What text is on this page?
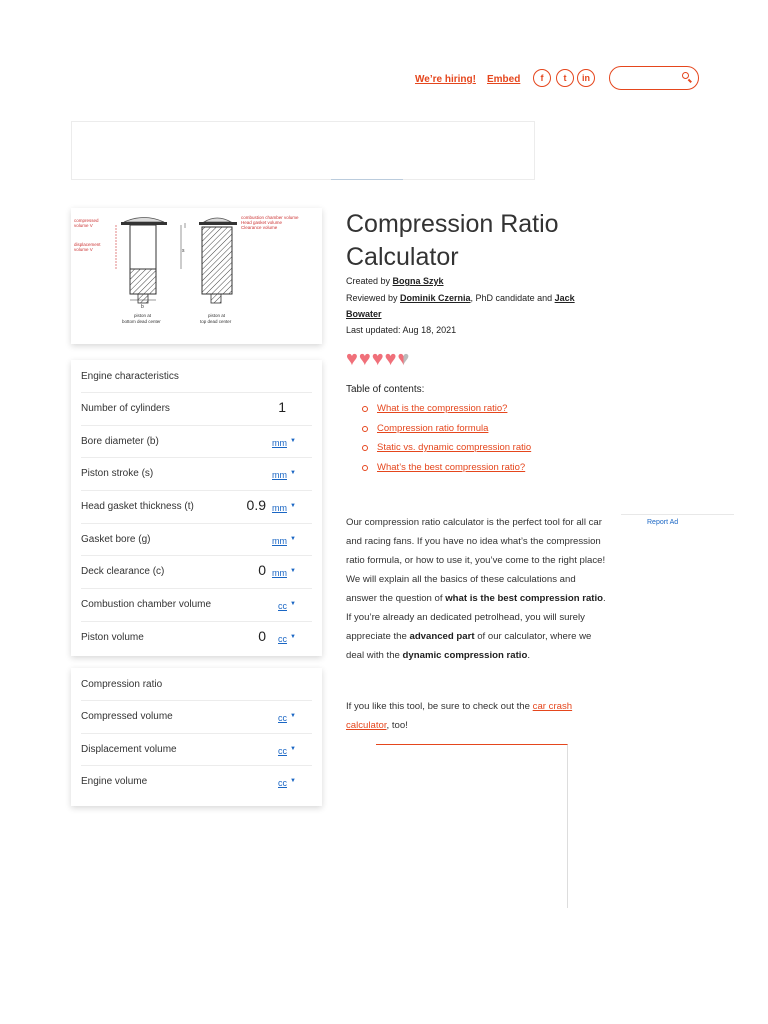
We’re hiring! Embed	f	t	in
compressed
volume V
displacement
volume V
combustion chamber volume
Head gasket volume
Clearance volume
b
s
piston at
bottom dead center
piston at
top dead center
Engine characteristics
Number of cylinders	1
Bore diameter (b)	mm ▼
Piston stroke (s)	mm ▼
Head gasket thickness (t)	0.9 mm ▼
Gasket bore (g)	mm ▼
Deck clearance (c)	0 mm ▼
Combustion chamber volume	cc ▼
Piston volume	0 cc ▼
Compression ratio
Compressed volume	cc ▼
Displacement volume	cc ▼
Engine volume	cc ▼
Compression Ratio Calculator
Created by Bogna Szyk
Reviewed by Dominik Czernia, PhD candidate and Jack
Bowater
Last updated: Aug 18, 2021
♥ ♥ ♥ ♥ ♥
Table of contents:
What is the compression ratio?
Compression ratio formula
Static vs. dynamic compression ratio
What’s the best compression ratio?

Our compression ratio calculator is the perfect tool for all car and racing fans. If you have no idea what’s the compression ratio formula, or how to use it, you’ve come to the right place! We will explain all the basics of these calculations and answer the question of what is the best compression ratio. If you’re already an dedicated petrolhead, you will surely appreciate the advanced part of our calculator, where we deal with the dynamic compression ratio.

If you like this tool, be sure to check out the car crash calculator, too!

Report Ad
